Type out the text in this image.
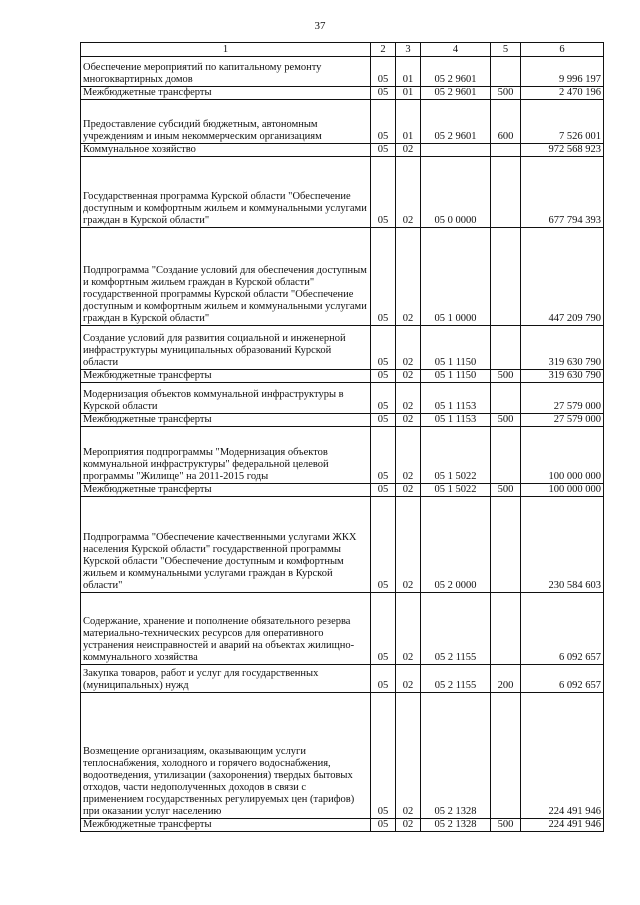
37
1	2	3	4	5	6
Обеспечение мероприятий по капитальному ремонту многоквартирных домов	05	01	05 2 9601		9 996 197
Межбюджетные трансферты	05	01	05 2 9601	500	2 470 196
Предоставление субсидий бюджетным, автономным учреждениям и иным некоммерческим организациям	05	01	05 2 9601	600	7 526 001
Коммунальное хозяйство	05	02			972 568 923
Государственная программа Курской области "Обеспечение доступным и комфортным жильем и коммунальными услугами граждан в Курской области"	05	02	05 0 0000		677 794 393
Подпрограмма "Создание условий для обеспечения доступным и комфортным жильем граждан в Курской области" государственной программы Курской области "Обеспечение доступным и комфортным жильем и коммунальными услугами граждан в Курской области"	05	02	05 1 0000		447 209 790
Создание условий для развития социальной и инженерной инфраструктуры муниципальных образований Курской области	05	02	05 1 1150		319 630 790
Межбюджетные трансферты	05	02	05 1 1150	500	319 630 790
Модернизация объектов коммунальной инфраструктуры в Курской области	05	02	05 1 1153		27 579 000
Межбюджетные трансферты	05	02	05 1 1153	500	27 579 000
Мероприятия подпрограммы "Модернизация объектов коммунальной инфраструктуры" федеральной целевой программы "Жилище" на 2011-2015 годы	05	02	05 1 5022		100 000 000
Межбюджетные трансферты	05	02	05 1 5022	500	100 000 000
Подпрограмма "Обеспечение качественными услугами ЖКХ населения Курской области" государственной программы Курской области "Обеспечение доступным и комфортным жильем и коммунальными услугами граждан в Курской области"	05	02	05 2 0000		230 584 603
Содержание, хранение и пополнение обязательного резерва материально-технических ресурсов для оперативного устранения неисправностей и аварий на объектах жилищно-коммунального хозяйства	05	02	05 2 1155		6 092 657
Закупка товаров, работ и услуг для государственных (муниципальных) нужд	05	02	05 2 1155	200	6 092 657
Возмещение организациям, оказывающим услуги теплоснабжения, холодного и горячего водоснабжения, водоотведения, утилизации (захоронения) твердых бытовых отходов, части недополученных доходов в связи с применением государственных регулируемых цен (тарифов) при оказании услуг населению	05	02	05 2 1328		224 491 946
Межбюджетные трансферты	05	02	05 2 1328	500	224 491 946
